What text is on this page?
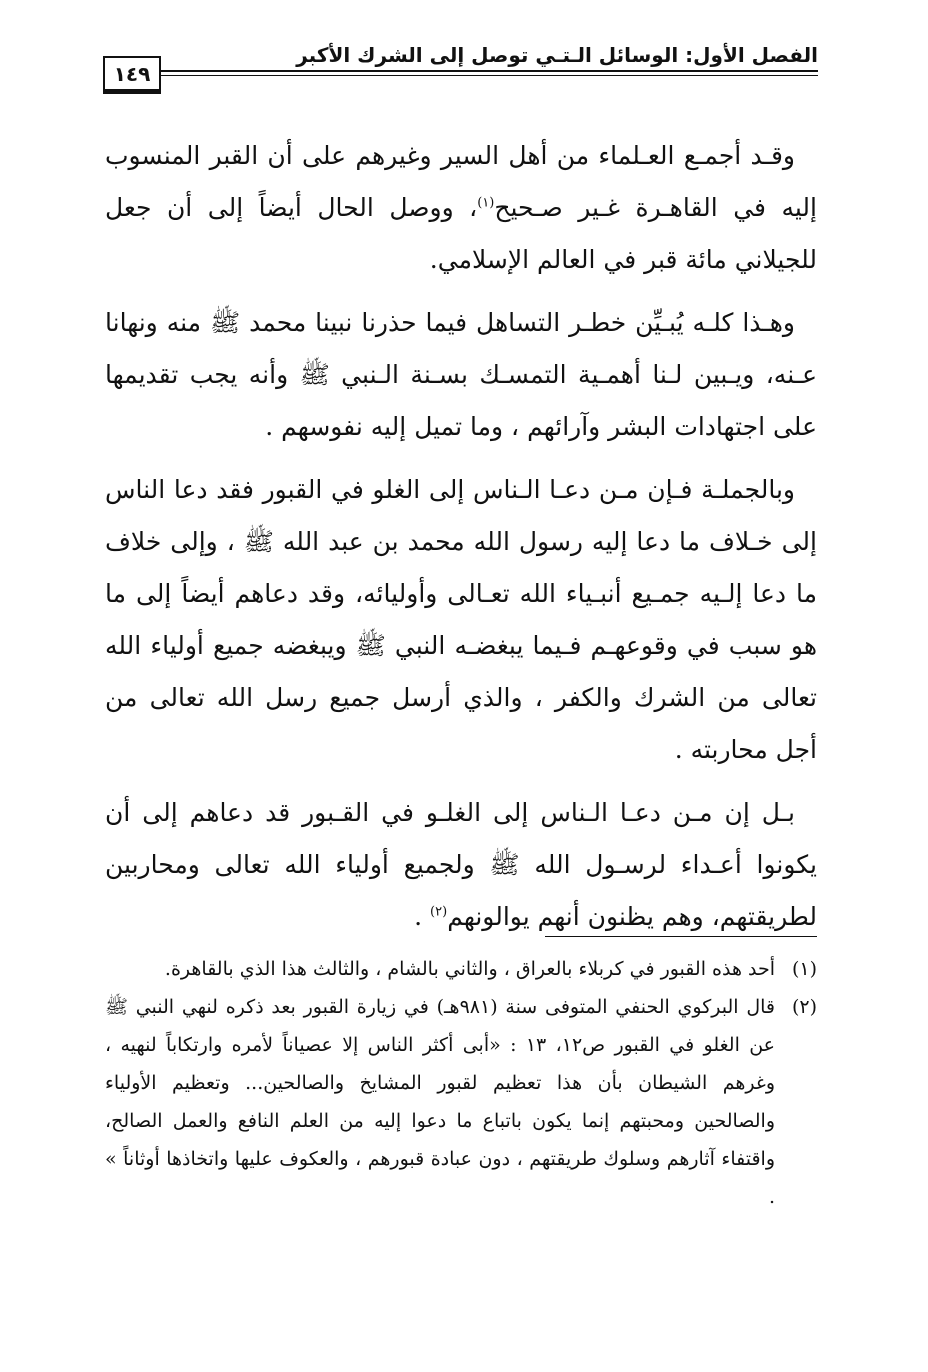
الفصل الأول: الوسائل الـتـي توصل إلى الشرك الأكبر
١٤٩

وقـد أجمـع العـلماء من أهل السير وغيرهم على أن القبر المنسوب إليه في القاهـرة غـير صـحيح$^{(١)}$، ووصل الحال أيضاً إلى أن جعل للجيلاني مائة قبر في العالم الإسلامي.

وهـذا كلـه يُبـيِّن خطـر التساهل فيما حذرنا نبينا محمد ﷺ منه ونهانا عـنه، ويـبين لـنا أهمـية التمسـك بسـنة الـنبي ﷺ وأنه يجب تقديمها على اجتهادات البشر وآرائهم ، وما تميل إليه نفوسهم .

وبالجملـة فـإن مـن دعـا الـناس إلى الغلو في القبور فقد دعا الناس إلى خـلاف ما دعا إليه رسول الله محمد بن عبد الله ﷺ ، وإلى خلاف ما دعا إلـيه جمـيع أنبـياء الله تعـالى وأوليائه، وقد دعاهم أيضاً إلى ما هو سبب في وقوعهـم فـيما يبغضـه النبي ﷺ ويبغضه جميع أولياء الله تعالى من الشرك والكفر ، والذي أرسل جميع رسل الله تعالى من أجل محاربته .

بـل إن مـن دعـا الـناس إلى الغلـو في القـبور قد دعاهم إلى أن يكونوا أعـداء لرسـول الله ﷺ ولجميع أولياء الله تعالى ومحاربين لطريقتهم، وهم يظنون أنهم يوالونهم$^{(٢)}$ .

(١)
أحد هذه القبور في كربلاء بالعراق ، والثاني بالشام ، والثالث هذا الذي بالقاهرة.
(٢)
قال البركوي الحنفي المتوفى سنة (٩٨١هـ) في زيارة القبور بعد ذكره لنهي النبي ﷺ عن الغلو في القبور ص١٢، ١٣ : «أبى أكثر الناس إلا عصياناً لأمره وارتكاباً لنهيه ، وغرهم الشيطان بأن هذا تعظيم لقبور المشايخ والصالحين... وتعظيم الأولياء والصالحين ومحبتهم إنما يكون باتباع ما دعوا إليه من العلم النافع والعمل الصالح، واقتفاء آثارهم وسلوك طريقتهم ، دون عبادة قبورهم ، والعكوف عليها واتخاذها أوثاناً » .
